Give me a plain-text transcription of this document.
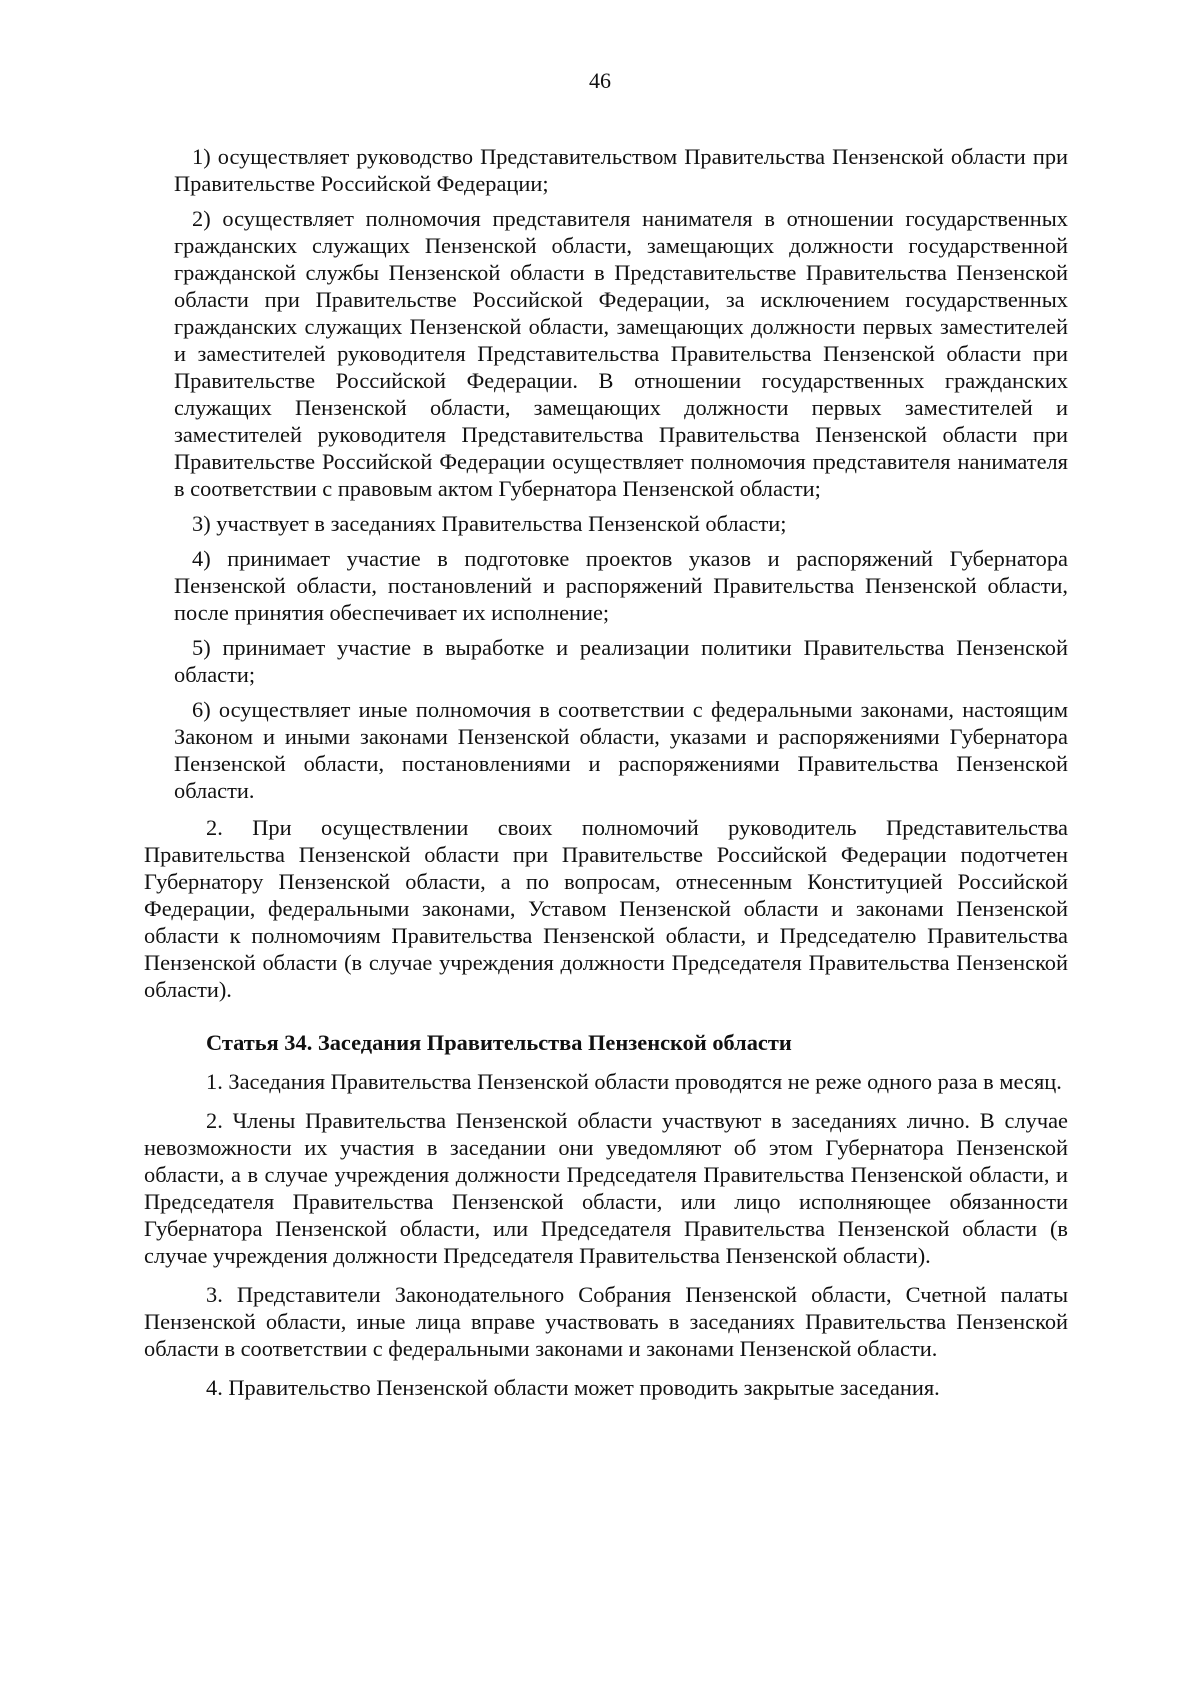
46

1) осуществляет руководство Представительством Правительства Пензенской области при Правительстве Российской Федерации;

2) осуществляет полномочия представителя нанимателя в отношении государственных гражданских служащих Пензенской области, замещающих должности государственной гражданской службы Пензенской области в Представительстве Правительства Пензенской области при Правительстве Российской Федерации, за исключением государственных гражданских служащих Пензенской области, замещающих должности первых заместителей и заместителей руководителя Представительства Правительства Пензенской области при Правительстве Российской Федерации. В отношении государственных гражданских служащих Пензенской области, замещающих должности первых заместителей и заместителей руководителя Представительства Правительства Пензенской области при Правительстве Российской Федерации осуществляет полномочия представителя нанимателя в соответствии с правовым актом Губернатора Пензенской области;

3) участвует в заседаниях Правительства Пензенской области;

4) принимает участие в подготовке проектов указов и распоряжений Губернатора Пензенской области, постановлений и распоряжений Правительства Пензенской области, после принятия обеспечивает их исполнение;

5) принимает участие в выработке и реализации политики Правительства Пензенской области;

6) осуществляет иные полномочия в соответствии с федеральными законами, настоящим Законом и иными законами Пензенской области, указами и распоряжениями Губернатора Пензенской области, постановлениями и распоряжениями Правительства Пензенской области.

2. При осуществлении своих полномочий руководитель Представительства Правительства Пензенской области при Правительстве Российской Федерации подотчетен Губернатору Пензенской области, а по вопросам, отнесенным Конституцией Российской Федерации, федеральными законами, Уставом Пензенской области и законами Пензенской области к полномочиям Правительства Пензенской области, и Председателю Правительства Пензенской области (в случае учреждения должности Председателя Правительства Пензенской области).

Статья 34. Заседания Правительства Пензенской области

1. Заседания Правительства Пензенской области проводятся не реже одного раза в месяц.

2. Члены Правительства Пензенской области участвуют в заседаниях лично. В случае невозможности их участия в заседании они уведомляют об этом Губернатора Пензенской области, а в случае учреждения должности Председателя Правительства Пензенской области, и Председателя Правительства Пензенской области, или лицо исполняющее обязанности Губернатора Пензенской области, или Председателя Правительства Пензенской области (в случае учреждения должности Председателя Правительства Пензенской области).

3. Представители Законодательного Собрания Пензенской области, Счетной палаты Пензенской области, иные лица вправе участвовать в заседаниях Правительства Пензенской области в соответствии с федеральными законами и законами Пензенской области.

4. Правительство Пензенской области может проводить закрытые заседания.
